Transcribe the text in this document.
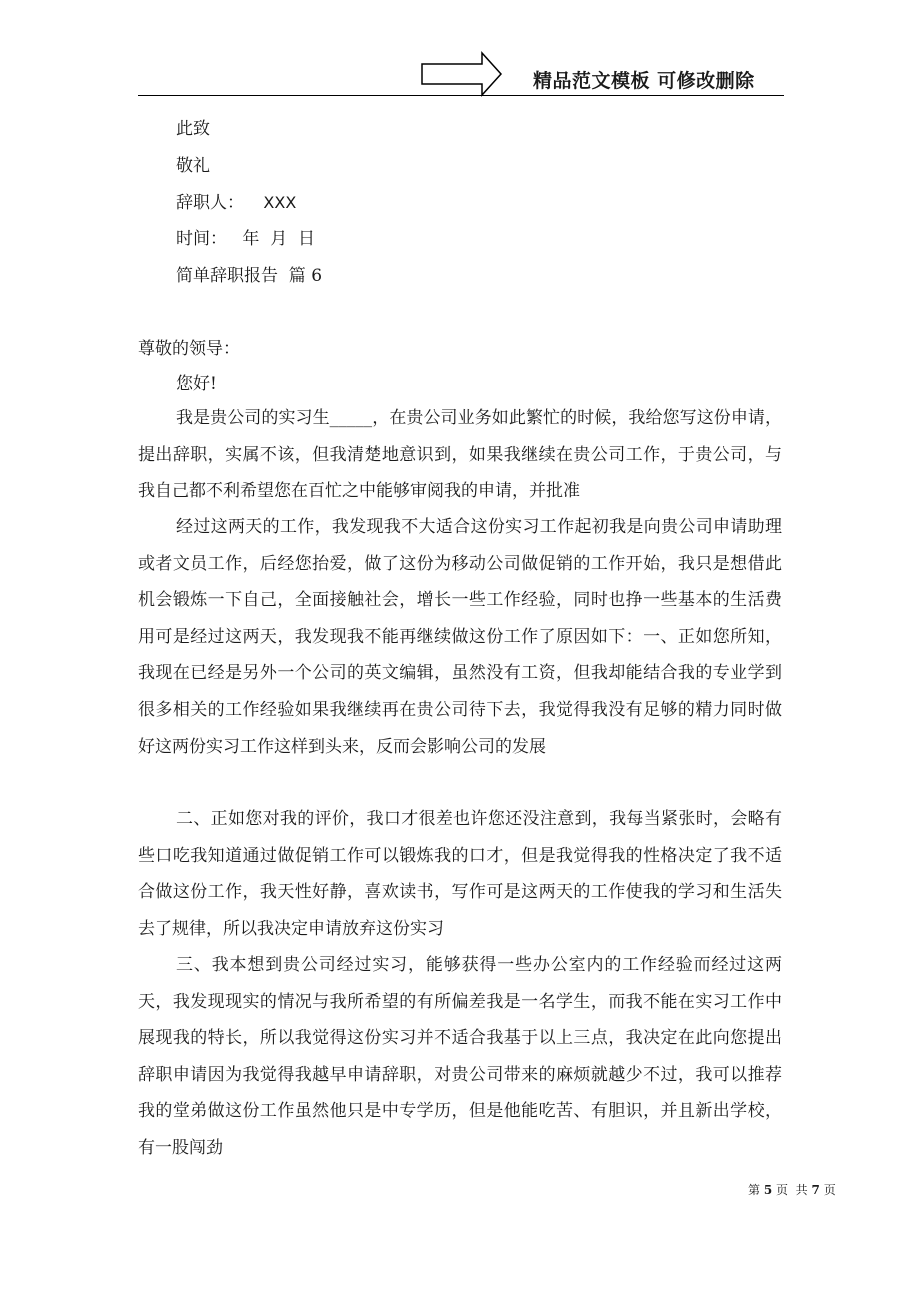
精品范文模板 可修改删除
此致
敬礼
辞职人： XXX
时间： 年  月  日
简单辞职报告  篇 6
尊敬的领导：
您好!

我是贵公司的实习生_____，在贵公司业务如此繁忙的时候，我给您写这份申请，提出辞职，实属不该，但我清楚地意识到，如果我继续在贵公司工作，于贵公司，与我自己都不利希望您在百忙之中能够审阅我的申请，并批准

经过这两天的工作，我发现我不大适合这份实习工作起初我是向贵公司申请助理或者文员工作，后经您抬爱，做了这份为移动公司做促销的工作开始，我只是想借此机会锻炼一下自己，全面接触社会，增长一些工作经验，同时也挣一些基本的生活费用可是经过这两天，我发现我不能再继续做这份工作了原因如下：一、正如您所知，我现在已经是另外一个公司的英文编辑，虽然没有工资，但我却能结合我的专业学到很多相关的工作经验如果我继续再在贵公司待下去，我觉得我没有足够的精力同时做好这两份实习工作这样到头来，反而会影响公司的发展

二、正如您对我的评价，我口才很差也许您还没注意到，我每当紧张时，会略有些口吃我知道通过做促销工作可以锻炼我的口才，但是我觉得我的性格决定了我不适合做这份工作，我天性好静，喜欢读书，写作可是这两天的工作使我的学习和生活失去了规律，所以我决定申请放弃这份实习

三、我本想到贵公司经过实习，能够获得一些办公室内的工作经验而经过这两天，我发现现实的情况与我所希望的有所偏差我是一名学生，而我不能在实习工作中展现我的特长，所以我觉得这份实习并不适合我基于以上三点，我决定在此向您提出辞职申请因为我觉得我越早申请辞职，对贵公司带来的麻烦就越少不过，我可以推荐我的堂弟做这份工作虽然他只是中专学历，但是他能吃苦、有胆识，并且新出学校，有一股闯劲

第 5 页  共 7 页
